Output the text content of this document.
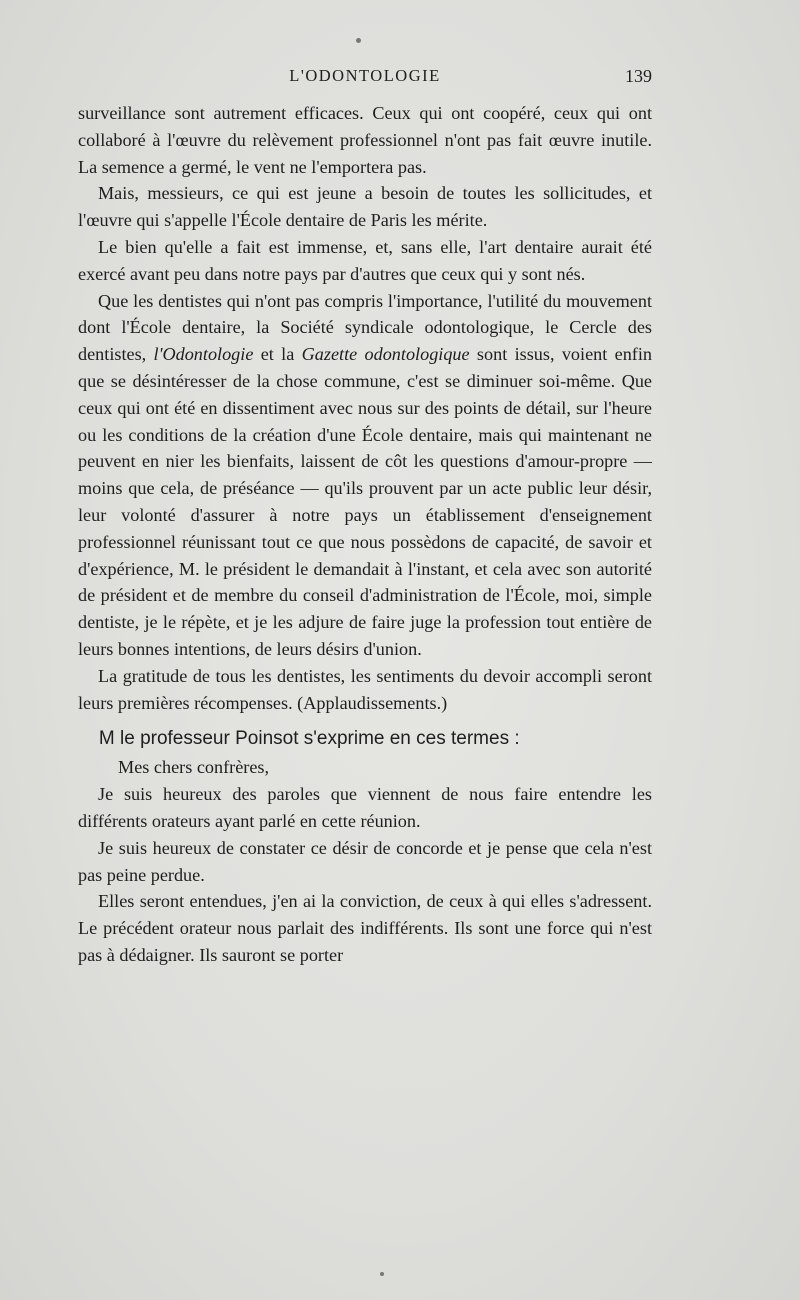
L'ODONTOLOGIE	139

surveillance sont autrement efficaces. Ceux qui ont coopéré, ceux qui ont collaboré à l'œuvre du relèvement professionnel n'ont pas fait œuvre inutile. La semence a germé, le vent ne l'emportera pas.

Mais, messieurs, ce qui est jeune a besoin de toutes les sollicitudes, et l'œuvre qui s'appelle l'École dentaire de Paris les mérite.

Le bien qu'elle a fait est immense, et, sans elle, l'art dentaire aurait été exercé avant peu dans notre pays par d'autres que ceux qui y sont nés.

Que les dentistes qui n'ont pas compris l'importance, l'utilité du mouvement dont l'École dentaire, la Société syndicale odontologique, le Cercle des dentistes, l'Odontologie et la Gazette odontologique sont issus, voient enfin que se désintéresser de la chose commune, c'est se diminuer soi-même. Que ceux qui ont été en dissentiment avec nous sur des points de détail, sur l'heure ou les conditions de la création d'une École dentaire, mais qui maintenant ne peuvent en nier les bienfaits, laissent de côt les questions d'amour-propre — moins que cela, de préséance — qu'ils prouvent par un acte public leur désir, leur volonté d'assurer à notre pays un établissement d'enseignement professionnel réunissant tout ce que nous possèdons de capacité, de savoir et d'expérience, M. le président le demandait à l'instant, et cela avec son autorité de président et de membre du conseil d'administration de l'École, moi, simple dentiste, je le répète, et je les adjure de faire juge la profession tout entière de leurs bonnes intentions, de leurs désirs d'union.

La gratitude de tous les dentistes, les sentiments du devoir accompli seront leurs premières récompenses. (Applaudissements.)

M le professeur Poinsot s'exprime en ces termes :

Mes chers confrères,

Je suis heureux des paroles que viennent de nous faire entendre les différents orateurs ayant parlé en cette réunion.

Je suis heureux de constater ce désir de concorde et je pense que cela n'est pas peine perdue.

Elles seront entendues, j'en ai la conviction, de ceux à qui elles s'adressent. Le précédent orateur nous parlait des indifférents. Ils sont une force qui n'est pas à dédaigner. Ils sauront se porter
